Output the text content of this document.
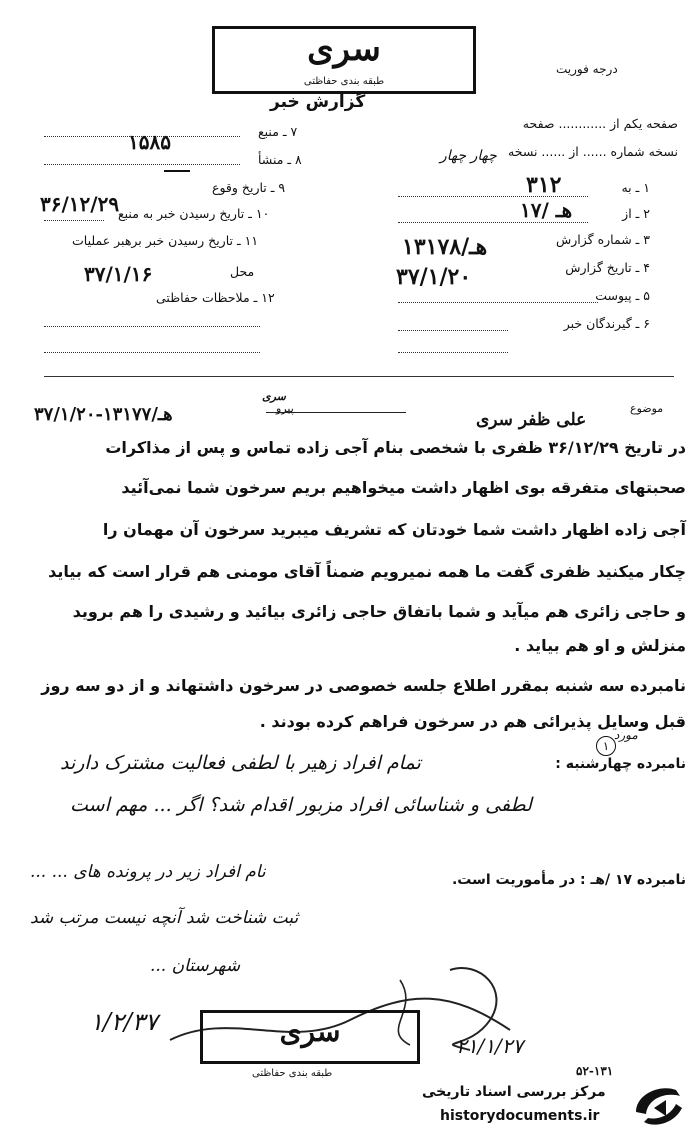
سری
طبقه بندی حفاظتی
گزارش خبر
درجه فوریت
صفحه یکم از ............ صفحه
نسخه شماره ...... از ...... نسخه
چهار چهار
۱ ـ به
۳۱۲
۲ ـ از
۱۷/ هـ
۳ ـ شماره گزارش
۱هـ/۳۱۷۸
۴ ـ تاریخ گزارش
۳۷/۱/۲۰
۵ ـ پیوست
۶ ـ گیرندگان خبر
۷ ـ منبع
۱۵۸۵
۸ ـ منشأ
۹ ـ تاریخ وقوع
۳۶/۱۲/۲۹
۱۰ ـ تاریخ رسیدن خبر به منبع
۱۱ ـ تاریخ رسیدن خبر برهبر عملیات
محل
۳۷/۱/۱۶
۱۲ ـ ملاحظات حفاظتی
موضوع
علی ظفر سری
پیرو
سری
۳۷/۱/۲۰-۱هـ/۳۱۷۷
در تاریخ ۳۶/۱۲/۲۹ ظفری با شخصی بنام آجی زاده تماس و پس از مذاکرات
صحبتهای متفرقه بوی اظهار داشت میخواهیم بریم سرخون شما نمی‌آئید
آجی زاده اظهار داشت شما خودتان که تشریف میبرید سرخون آن مهمان را
چکار میکنید ظفری گفت ما همه نمیرویم ضمناً آقای مومنی هم قرار است که بیاید
و حاجی زائری هم میآید و شما باتفاق حاجی زائری بیائید و رشیدی را هم بروید
منزلش و او هم بیاید .
نامبرده سه شنبه بمقرر اطلاع جلسه خصوصی در سرخون داشتهاند و از دو سه روز
قبل وسایل پذیرائی هم در سرخون فراهم کرده بودند .
۱
مورد
نامبرده چهارشنبه :
تمام افراد زهیر با لطفی فعالیت مشترک دارند
لطفی و شناسائی افراد مزبور اقدام شد؟ اگر ... مهم است
نام افراد زیر در پرونده های ... ...
ثبت شناخت شد آنچه نیست مرتب شد
شهرستان ...
۱/۲/۳۷
نامبرده ۱۷ /هـ : در مأموریت است.
سری
طبقه بندی حفاظتی
۲۱/۱/۲۷
۵۲-۱۳۱
مرکز بررسی اسناد تاریخی
historydocuments.ir
